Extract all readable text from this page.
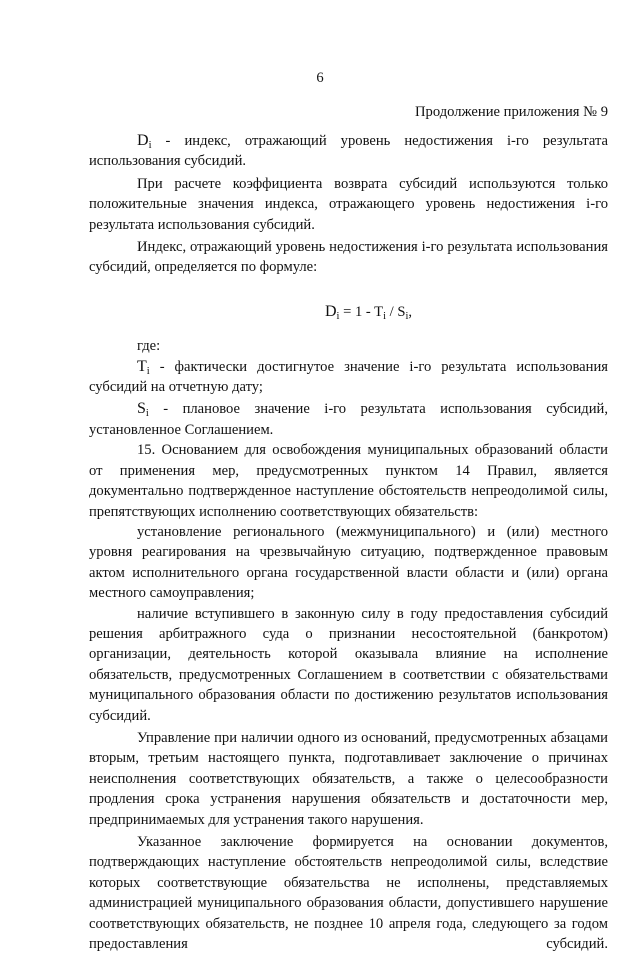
6
Продолжение приложения № 9

$D_i$ - индекс, отражающий уровень недостижения i-го результата использования субсидий.

При расчете коэффициента возврата субсидий используются только положительные значения индекса, отражающего уровень недостижения i-го результата использования субсидий.

Индекс, отражающий уровень недостижения i-го результата использования субсидий, определяется по формуле:

$D_i = 1 - T_i / S_i$,

где:

$T_i$ - фактически достигнутое значение i-го результата использования субсидий на отчетную дату;

$S_i$ - плановое значение i-го результата использования субсидий, установленное Соглашением.

15. Основанием для освобождения муниципальных образований области от применения мер, предусмотренных пунктом 14 Правил, является документально подтвержденное наступление обстоятельств непреодолимой силы, препятствующих исполнению соответствующих обязательств:

установление регионального (межмуниципального) и (или) местного уровня реагирования на чрезвычайную ситуацию, подтвержденное правовым актом исполнительного органа государственной власти области и (или) органа местного самоуправления;

наличие вступившего в законную силу в году предоставления субсидий решения арбитражного суда о признании несостоятельной (банкротом) организации, деятельность которой оказывала влияние на исполнение обязательств, предусмотренных Соглашением в соответствии с обязательствами муниципального образования области по достижению результатов использования субсидий.

Управление при наличии одного из оснований, предусмотренных абзацами вторым, третьим настоящего пункта, подготавливает заключение о причинах неисполнения соответствующих обязательств, а также о целесообразности продления срока устранения нарушения обязательств и достаточности мер, предпринимаемых для устранения такого нарушения.

Указанное заключение формируется на основании документов, подтверждающих наступление обстоятельств непреодолимой силы, вследствие которых соответствующие обязательства не исполнены, представляемых администрацией муниципального образования области, допустившего нарушение соответствующих обязательств, не позднее 10 апреля года, следующего за годом предоставления субсидий.
